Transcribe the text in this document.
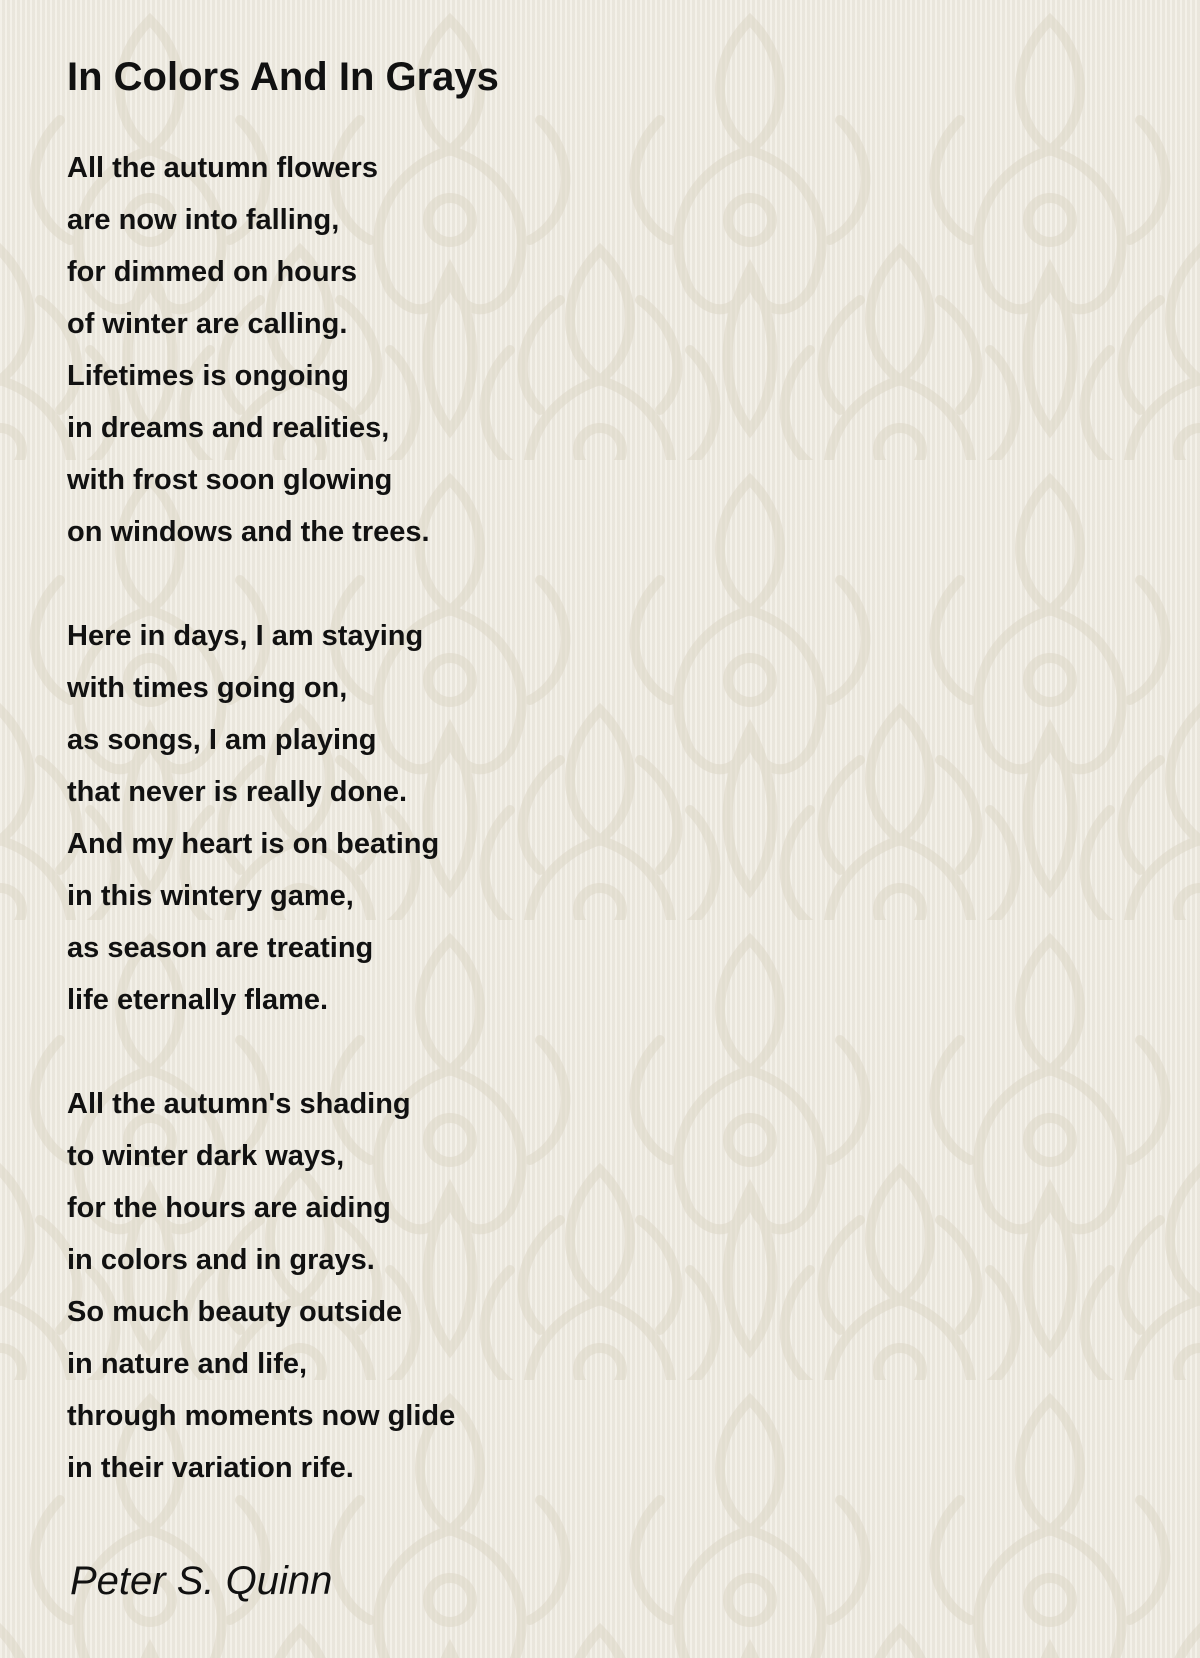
In Colors And In Grays
All the autumn flowers
are now into falling,
for dimmed on hours
of winter are calling.
Lifetimes is ongoing
in dreams and realities,
with frost soon glowing
on windows and the trees.
Here in days, I am staying
with times going on,
as songs, I am playing
that never is really done.
And my heart is on beating
in this wintery game,
as season are treating
life eternally flame.
All the autumn's shading
to winter dark ways,
for the hours are aiding
in colors and in grays.
So much beauty outside
in nature and life,
through moments now glide
in their variation rife.

Peter S. Quinn
